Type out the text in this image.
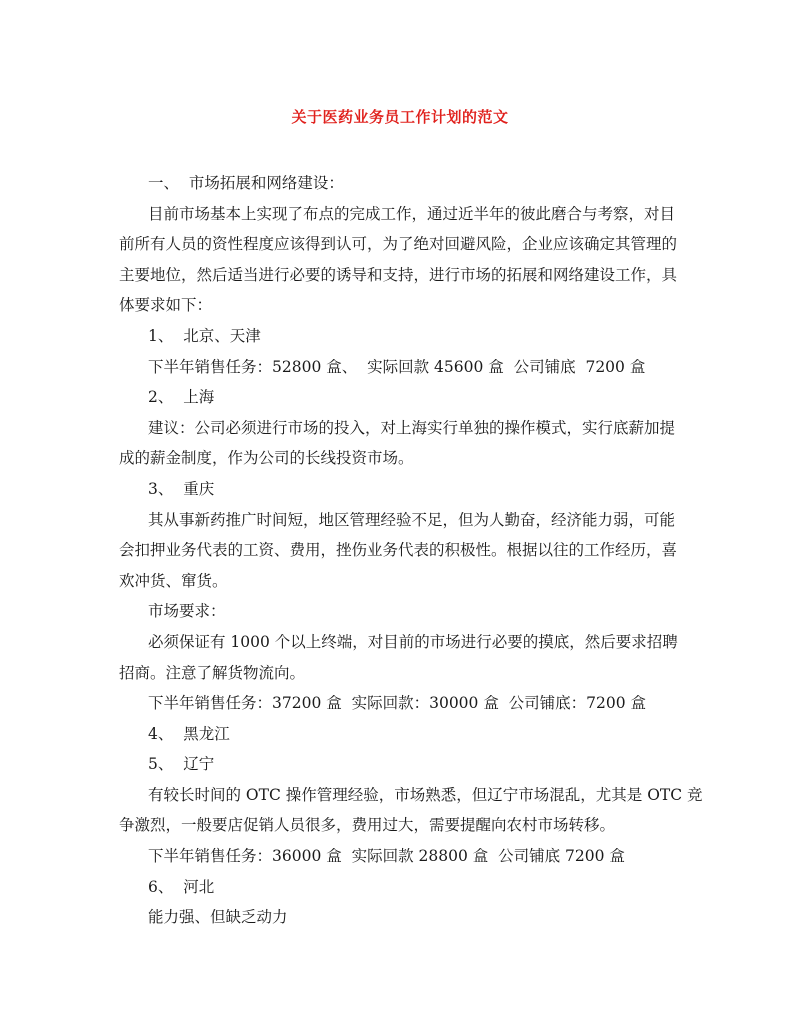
关于医药业务员工作计划的范文
一、  市场拓展和网络建设：
目前市场基本上实现了布点的完成工作，通过近半年的彼此磨合与考察，对目
前所有人员的资性程度应该得到认可，为了绝对回避风险，企业应该确定其管理的
主要地位，然后适当进行必要的诱导和支持，进行市场的拓展和网络建设工作，具
体要求如下：
1、  北京、天津
下半年销售任务：52800 盒、  实际回款 45600 盒  公司铺底  7200 盒
2、  上海
建议：公司必须进行市场的投入，对上海实行单独的操作模式，实行底薪加提
成的薪金制度，作为公司的长线投资市场。
3、  重庆
其从事新药推广时间短，地区管理经验不足，但为人勤奋，经济能力弱，可能
会扣押业务代表的工资、费用，挫伤业务代表的积极性。根据以往的工作经历，喜
欢冲货、窜货。
市场要求：
必须保证有 1000 个以上终端，对目前的市场进行必要的摸底，然后要求招聘
招商。注意了解货物流向。
下半年销售任务：37200 盒  实际回款：30000 盒  公司铺底：7200 盒
4、  黑龙江
5、  辽宁
有较长时间的 OTC 操作管理经验，市场熟悉，但辽宁市场混乱，尤其是 OTC 竞
争激烈，一般要店促销人员很多，费用过大，需要提醒向农村市场转移。
下半年销售任务：36000 盒  实际回款 28800 盒  公司铺底 7200 盒
6、  河北
能力强、但缺乏动力
